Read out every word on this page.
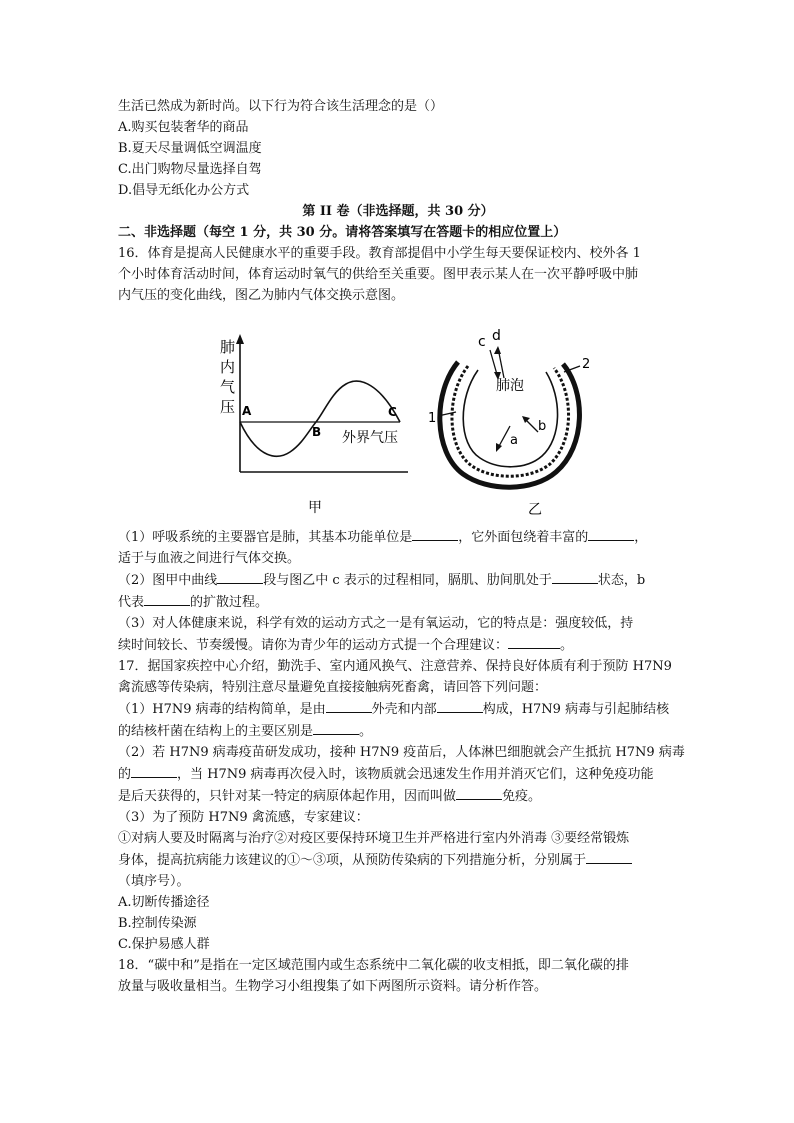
生活已然成为新时尚。以下行为符合该生活理念的是（）
A.购买包装奢华的商品
B.夏天尽量调低空调温度
C.出门购物尽量选择自驾
D.倡导无纸化办公方式
第 II 卷（非选择题，共 30 分）
二、非选择题（每空 1 分，共 30 分。请将答案填写在答题卡的相应位置上）
16．体育是提高人民健康水平的重要手段。教育部提倡中小学生每天要保证校内、校外各 1
个小时体育活动时间，体育运动时氧气的供给至关重要。图甲表示某人在一次平静呼吸中肺
内气压的变化曲线，图乙为肺内气体交换示意图。
肺
内
气
压 A
B
C
外界气压
甲
肺泡
c d
a
b
1
2
乙
（1）呼吸系统的主要器官是肺，其基本功能单位是	，它外面包绕着丰富的	，
适于与血液之间进行气体交换。
（2）图甲中曲线	段与图乙中 c 表示的过程相同，膈肌、肋间肌处于	状态，b
代表	的扩散过程。
（3）对人体健康来说，科学有效的运动方式之一是有氧运动，它的特点是：强度较低，持
续时间较长、节奏缓慢。请你为青少年的运动方式提一个合理建议：	。
17．据国家疾控中心介绍，勤洗手、室内通风换气、注意营养、保持良好体质有利于预防 H7N9
禽流感等传染病，特别注意尽量避免直接接触病死畜禽，请回答下列问题：
（1）H7N9 病毒的结构简单，是由	外壳和内部	构成，H7N9 病毒与引起肺结核
的结核杆菌在结构上的主要区别是	。
（2）若 H7N9 病毒疫苗研发成功，接种 H7N9 疫苗后，人体淋巴细胞就会产生抵抗 H7N9 病毒
的	，当 H7N9 病毒再次侵入时，该物质就会迅速发生作用并消灭它们，这种免疫功能
是后天获得的，只针对某一特定的病原体起作用，因而叫做	免疫。
（3）为了预防 H7N9 禽流感，专家建议：
①对病人要及时隔离与治疗②对疫区要保持环境卫生并严格进行室内外消毒 ③要经常锻炼
身体，提高抗病能力该建议的①～③项，从预防传染病的下列措施分析，分别属于
（填序号）。
A.切断传播途径
B.控制传染源
C.保护易感人群
18．“碳中和”是指在一定区域范围内或生态系统中二氧化碳的收支相抵，即二氧化碳的排
放量与吸收量相当。生物学习小组搜集了如下两图所示资料。请分析作答。
